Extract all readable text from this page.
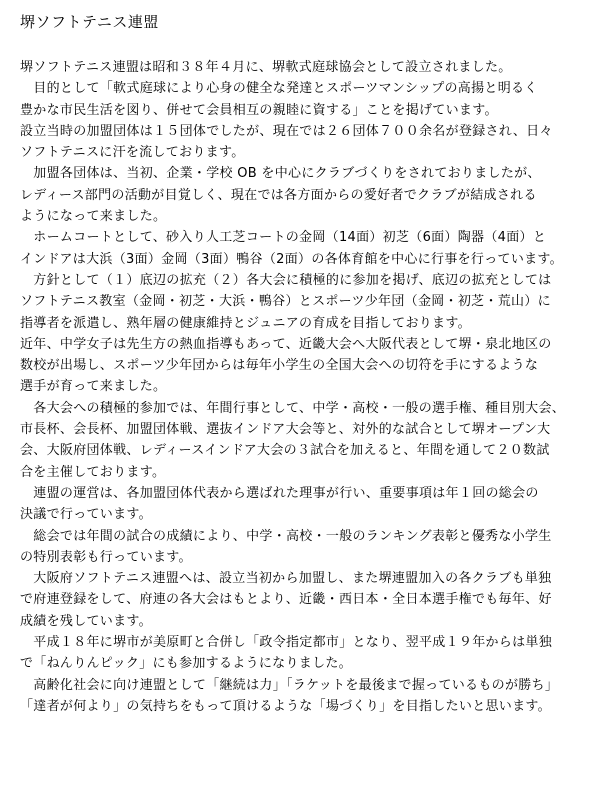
堺ソフトテニス連盟
堺ソフトテニス連盟は昭和３８年４月に、堺軟式庭球協会として設立されました。
　目的として「軟式庭球により心身の健全な発達とスポーツマンシップの高揚と明るく
豊かな市民生活を図り、併せて会員相互の親睦に資する」ことを掲げています。
設立当時の加盟団体は１５団体でしたが、現在では２６団体７００余名が登録され、日々
ソフトテニスに汗を流しております。
　加盟各団体は、当初、企業・学校 OB を中心にクラブづくりをされておりましたが、
レディース部門の活動が目覚しく、現在では各方面からの愛好者でクラブが結成される
ようになって来ました。
　ホームコートとして、砂入り人工芝コートの金岡（14面）初芝（6面）陶器（4面）と
インドアは大浜（3面）金岡（3面）鴨谷（2面）の各体育館を中心に行事を行っています。
　方針として（１）底辺の拡充（２）各大会に積極的に参加を掲げ、底辺の拡充としては
ソフトテニス教室（金岡・初芝・大浜・鴨谷）とスポーツ少年団（金岡・初芝・荒山）に
指導者を派遣し、熟年層の健康維持とジュニアの育成を目指しております。
近年、中学女子は先生方の熱血指導もあって、近畿大会へ大阪代表として堺・泉北地区の
数校が出場し、スポーツ少年団からは毎年小学生の全国大会への切符を手にするような
選手が育って来ました。
　各大会への積極的参加では、年間行事として、中学・高校・一般の選手権、種目別大会、
市長杯、会長杯、加盟団体戦、選抜インドア大会等と、対外的な試合として堺オープン大
会、大阪府団体戦、レディースインドア大会の３試合を加えると、年間を通して２０数試
合を主催しております。
　連盟の運営は、各加盟団体代表から選ばれた理事が行い、重要事項は年１回の総会の
決議で行っています。
　総会では年間の試合の成績により、中学・高校・一般のランキング表彰と優秀な小学生
の特別表彰も行っています。
　大阪府ソフトテニス連盟へは、設立当初から加盟し、また堺連盟加入の各クラブも単独
で府連登録をして、府連の各大会はもとより、近畿・西日本・全日本選手権でも毎年、好
成績を残しています。
　平成１８年に堺市が美原町と合併し「政令指定都市」となり、翌平成１９年からは単独
で「ねんりんピック」にも参加するようになりました。
　高齢化社会に向け連盟として「継続は力」「ラケットを最後まで握っているものが勝ち」
「達者が何より」の気持ちをもって頂けるような「場づくり」を目指したいと思います。
